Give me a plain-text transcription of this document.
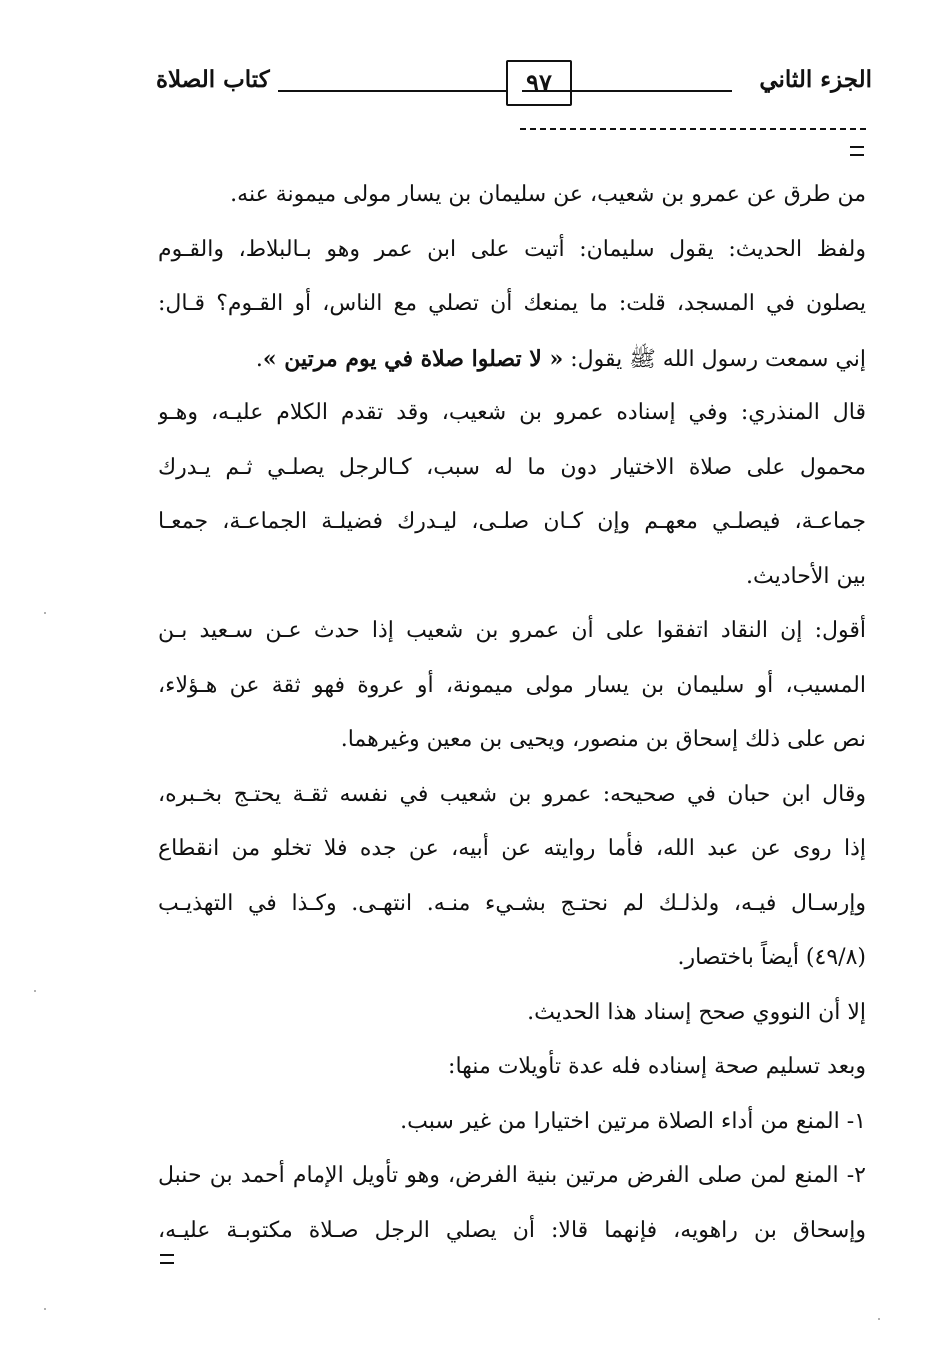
الجزء الثاني
٩٧
كتاب الصلاة
من طرق عن عمرو بن شعيب، عن سليمان بن يسار مولى ميمونة عنه.
ولفظ الحديث: يقول سليمان: أتيت على ابن عمر وهو بـالبلاط، والقـوم
يصلون في المسجد، قلت: ما يمنعك أن تصلي مع الناس، أو القـوم؟ قـال:
إني سمعت رسول الله ﷺ يقول: « لا تصلوا صلاة في يوم مرتين ».
قال المنذري: وفي إسناده عمرو بن شعيب، وقد تقدم الكلام عليـه، وهـو
محمول على صلاة الاختيار دون ما له سبب، كـالرجل يصلـي ثـم يـدرك
جماعـة، فيصلـي معهـم وإن كـان صلـى، ليـدرك فضيلـة الجماعـة، جمعـا
بين الأحاديث.
أقول: إن النقاد اتفقوا على أن عمرو بن شعيب إذا حدث عـن سـعيد بـن
المسيب، أو سليمان بن يسار مولى ميمونة، أو عروة فهو ثقة عن هـؤلاء،
نص على ذلك إسحاق بن منصور، ويحيى بن معين وغيرهما.
وقال ابن حبان في صحيحه: عمرو بن شعيب في نفسه ثقـة يحتـج بخـبره،
إذا روى عن عبد الله، فأما روايته عن أبيه، عن جده فلا تخلو من انقطاع
وإرسـال فيـه، ولذلـك لم نحتـج بشـيء منـه. انتهـى. وكـذا في التهذيـب
(٤٩/٨) أيضاً باختصار.
إلا أن النووي صحح إسناد هذا الحديث.
وبعد تسليم صحة إسناده فله عدة تأويلات منها:
١- المنع من أداء الصلاة مرتين اختيارا من غير سبب.
٢- المنع لمن صلى الفرض مرتين بنية الفرض، وهو تأويل الإمام أحمد بن حنبل
وإسحاق بن راهويه، فإنهما قالا: أن يصلي الرجل صـلاة مكتوبـة عليـه،
